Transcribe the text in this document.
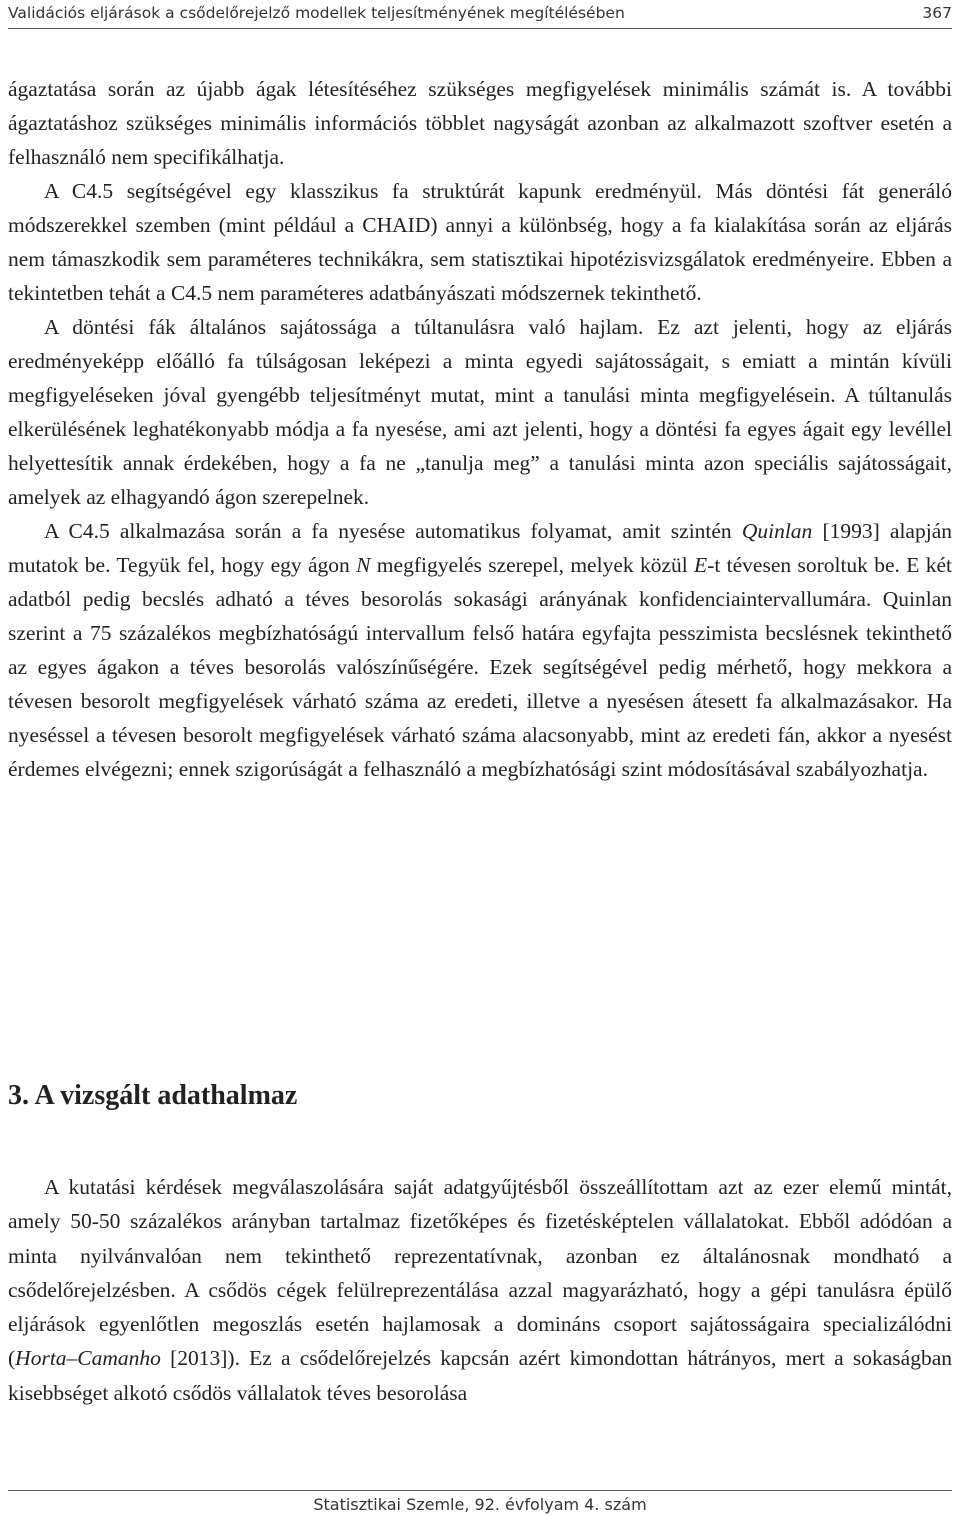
Validációs eljárások a csődelőrejelző modellek teljesítményének megítélésében	367

ágaztatása során az újabb ágak létesítéséhez szükséges megfigyelések minimális számát is. A további ágaztatáshoz szükséges minimális információs többlet nagyságát azonban az alkalmazott szoftver esetén a felhasználó nem specifikálhatja.

A C4.5 segítségével egy klasszikus fa struktúrát kapunk eredményül. Más döntési fát generáló módszerekkel szemben (mint például a CHAID) annyi a különbség, hogy a fa kialakítása során az eljárás nem támaszkodik sem paraméteres technikákra, sem statisztikai hipotézisvizsgálatok eredményeire. Ebben a tekintetben tehát a C4.5 nem paraméteres adatbányászati módszernek tekinthető.

A döntési fák általános sajátossága a túltanulásra való hajlam. Ez azt jelenti, hogy az eljárás eredményeképp előálló fa túlságosan leképezi a minta egyedi sajátosságait, s emiatt a mintán kívüli megfigyeléseken jóval gyengébb teljesítményt mutat, mint a tanulási minta megfigyelésein. A túltanulás elkerülésének leghatékonyabb módja a fa nyesése, ami azt jelenti, hogy a döntési fa egyes ágait egy levéllel helyettesítik annak érdekében, hogy a fa ne „tanulja meg” a tanulási minta azon speciális sajátosságait, amelyek az elhagyandó ágon szerepelnek.

A C4.5 alkalmazása során a fa nyesése automatikus folyamat, amit szintén Quinlan [1993] alapján mutatok be. Tegyük fel, hogy egy ágon N megfigyelés szerepel, melyek közül E-t tévesen soroltuk be. E két adatból pedig becslés adható a téves besorolás sokasági arányának konfidenciaintervallumára. Quinlan szerint a 75 százalékos megbízhatóságú intervallum felső határa egyfajta pesszimista becslésnek tekinthető az egyes ágakon a téves besorolás valószínűségére. Ezek segítségével pedig mérhető, hogy mekkora a tévesen besorolt megfigyelések várható száma az eredeti, illetve a nyesésen átesett fa alkalmazásakor. Ha nyeséssel a tévesen besorolt megfigyelések várható száma alacsonyabb, mint az eredeti fán, akkor a nyesést érdemes elvégezni; ennek szigorúságát a felhasználó a megbízhatósági szint módosításával szabályozhatja.

3. A vizsgált adathalmaz

A kutatási kérdések megválaszolására saját adatgyűjtésből összeállítottam azt az ezer elemű mintát, amely 50-50 százalékos arányban tartalmaz fizetőképes és fizetésképtelen vállalatokat. Ebből adódóan a minta nyilvánvalóan nem tekinthető reprezentatívnak, azonban ez általánosnak mondható a csődelőrejelzésben. A csődös cégek felülreprezentálása azzal magyarázható, hogy a gépi tanulásra épülő eljárások egyenlőtlen megoszlás esetén hajlamosak a domináns csoport sajátosságaira specializálódni (Horta–Camanho [2013]). Ez a csődelőrejelzés kapcsán azért kimondottan hátrányos, mert a sokaságban kisebbséget alkotó csődös vállalatok téves besorolása

Statisztikai Szemle, 92. évfolyam 4. szám
